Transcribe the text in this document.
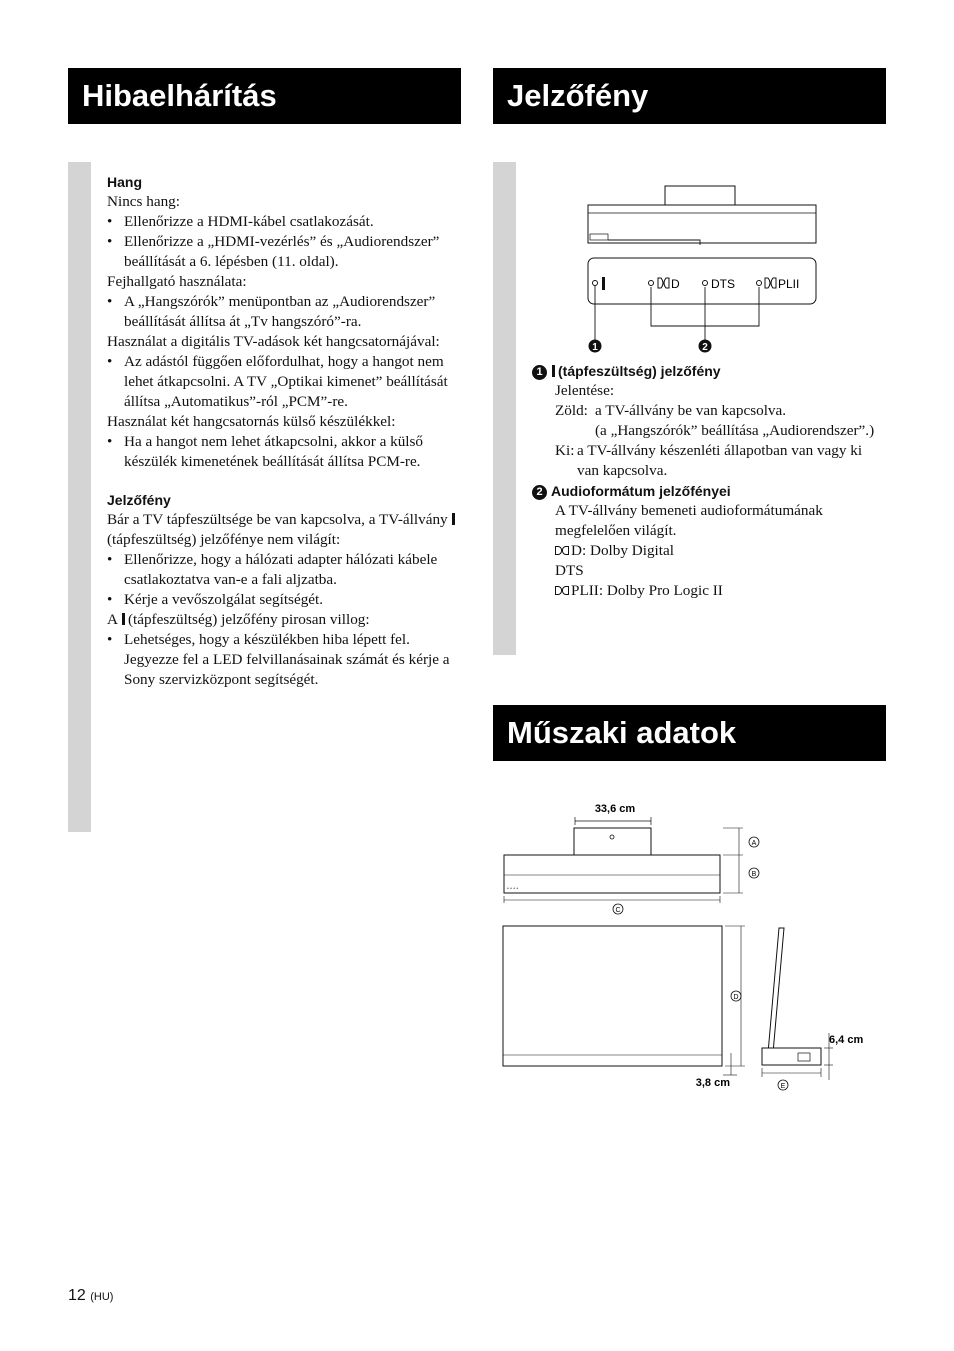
Hibaelhárítás	Jelzőfény
Műszaki adatok
Hang

Nincs hang:

• Ellenőrizze a HDMI-kábel csatlakozását.

• Ellenőrizze a „HDMI-vezérlés” és „Audiorendszer” beállítását a 6. lépésben (11. oldal).

Fejhallgató használata:

• A „Hangszórók” menüpontban az „Audiorendszer” beállítását állítsa át „Tv hangszóró”-ra.

Használat a digitális TV-adások két hangcsatornájával:

• Az adástól függően előfordulhat, hogy a hangot nem lehet átkapcsolni. A TV „Optikai kimenet” beállítását állítsa „Automatikus”-ról „PCM”-re.

Használat két hangcsatornás külső készülékkel:

• Ha a hangot nem lehet átkapcsolni, akkor a külső készülék kimenetének beállítását állítsa PCM-re.

Jelzőfény

Bár a TV tápfeszültsége be van kapcsolva, a TV-állvány (tápfeszültség) jelzőfénye nem világít:

• Ellenőrizze, hogy a hálózati adapter hálózati kábele csatlakoztatva van-e a fali aljzatba.

• Kérje a vevőszolgálat segítségét.

A (tápfeszültség) jelzőfény pirosan villog:

• Lehetséges, hogy a készülékben hiba lépett fel. Jegyezze fel a LED felvillanásainak számát és kérje a Sony szervizközpont segítségét.

D	DTS	PLII
1	2
1 (tápfeszültség) jelzőfény

Jelentése:

Zöld: a TV-állvány be van kapcsolva.

(a „Hangszórók” beállítása „Audiorendszer”.)

Ki: a TV-állvány készenléti állapotban van vagy ki van kapcsolva.
2 Audioformátum jelzőfényei

A TV-állvány bemeneti audioformátumának megfelelően világít.

D: Dolby Digital

DTS

PLII: Dolby Pro Logic II

33,6 cm
• • • •
A
B
C
D
3,8 cm	E
6,4 cm
12 (HU)
